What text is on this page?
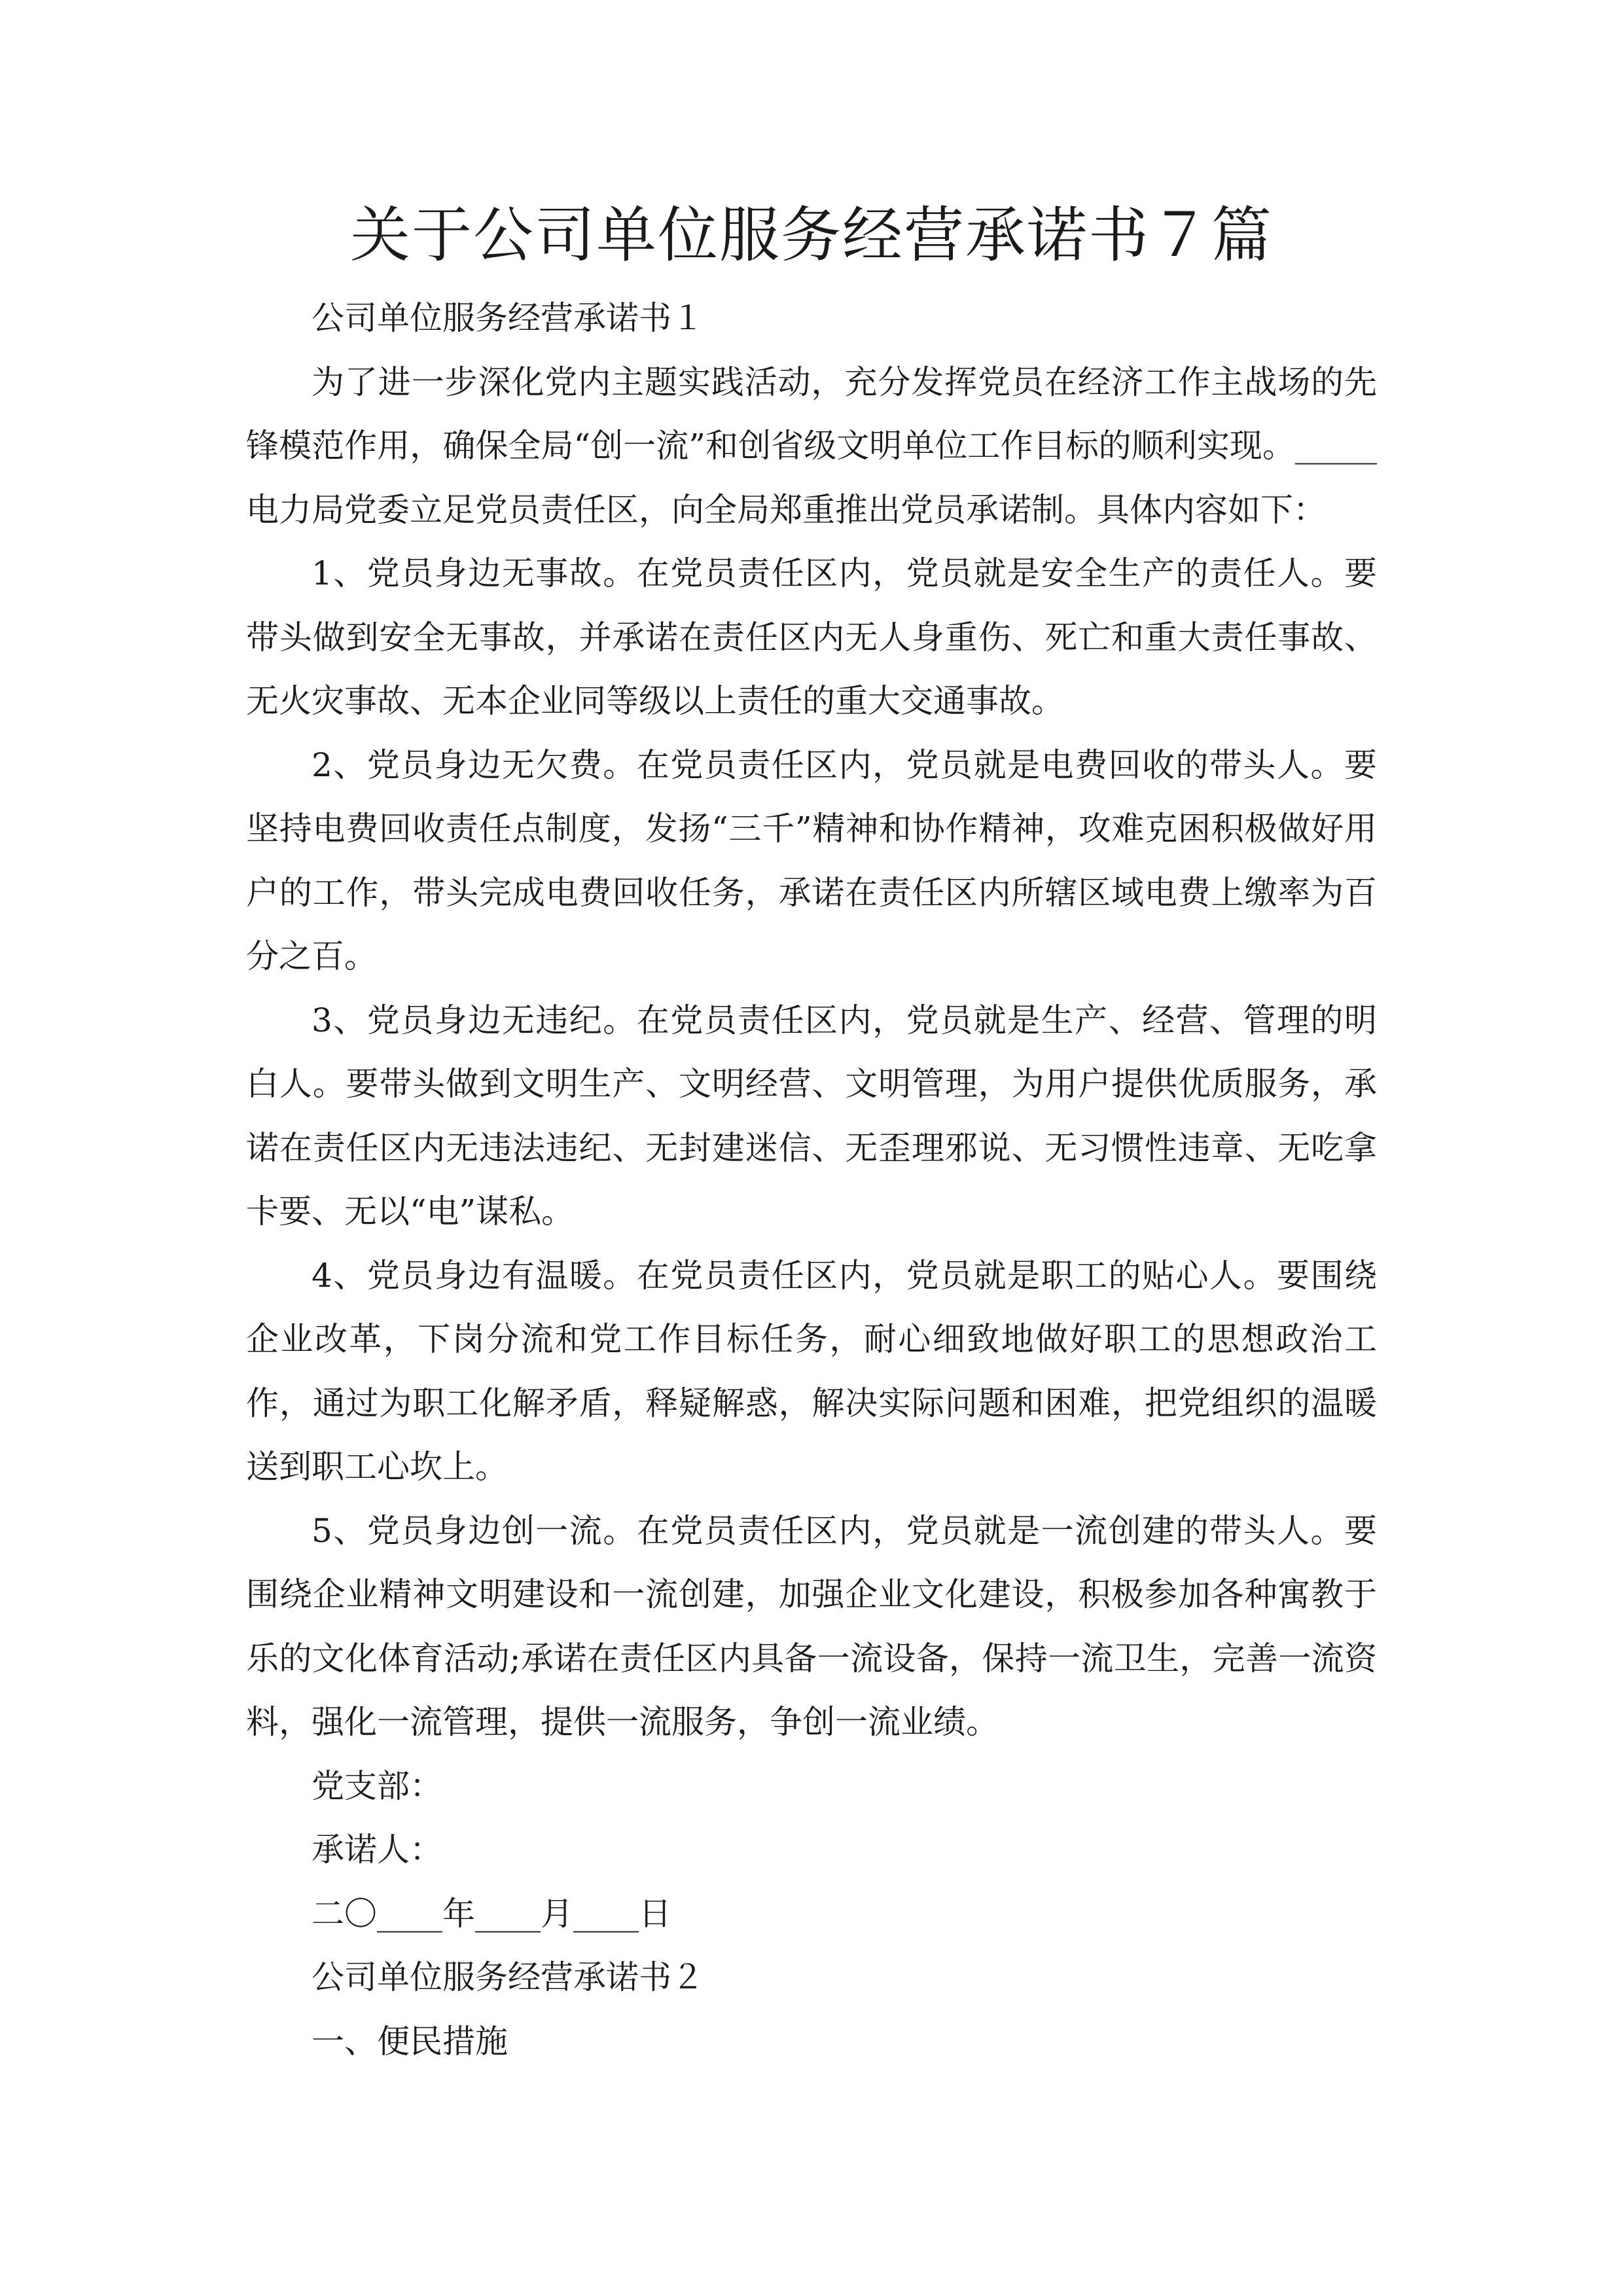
关于公司单位服务经营承诺书７篇

公司单位服务经营承诺书１

为了进一步深化党内主题实践活动，充分发挥党员在经济工作主战场的先锋模范作用，确保全局“创一流”和创省级文明单位工作目标的顺利实现。_____电力局党委立足党员责任区，向全局郑重推出党员承诺制。具体内容如下：

1、党员身边无事故。在党员责任区内，党员就是安全生产的责任人。要带头做到安全无事故，并承诺在责任区内无人身重伤、死亡和重大责任事故、无火灾事故、无本企业同等级以上责任的重大交通事故。

2、党员身边无欠费。在党员责任区内，党员就是电费回收的带头人。要坚持电费回收责任点制度，发扬“三千”精神和协作精神，攻难克困积极做好用户的工作，带头完成电费回收任务，承诺在责任区内所辖区域电费上缴率为百分之百。

3、党员身边无违纪。在党员责任区内，党员就是生产、经营、管理的明白人。要带头做到文明生产、文明经营、文明管理，为用户提供优质服务，承诺在责任区内无违法违纪、无封建迷信、无歪理邪说、无习惯性违章、无吃拿卡要、无以“电”谋私。

4、党员身边有温暖。在党员责任区内，党员就是职工的贴心人。要围绕企业改革，下岗分流和党工作目标任务，耐心细致地做好职工的思想政治工作，通过为职工化解矛盾，释疑解惑，解决实际问题和困难，把党组织的温暖送到职工心坎上。

5、党员身边创一流。在党员责任区内，党员就是一流创建的带头人。要围绕企业精神文明建设和一流创建，加强企业文化建设，积极参加各种寓教于乐的文化体育活动;承诺在责任区内具备一流设备，保持一流卫生，完善一流资料，强化一流管理，提供一流服务，争创一流业绩。

党支部：

承诺人：

二〇____年____月____日

公司单位服务经营承诺书２

一、便民措施
